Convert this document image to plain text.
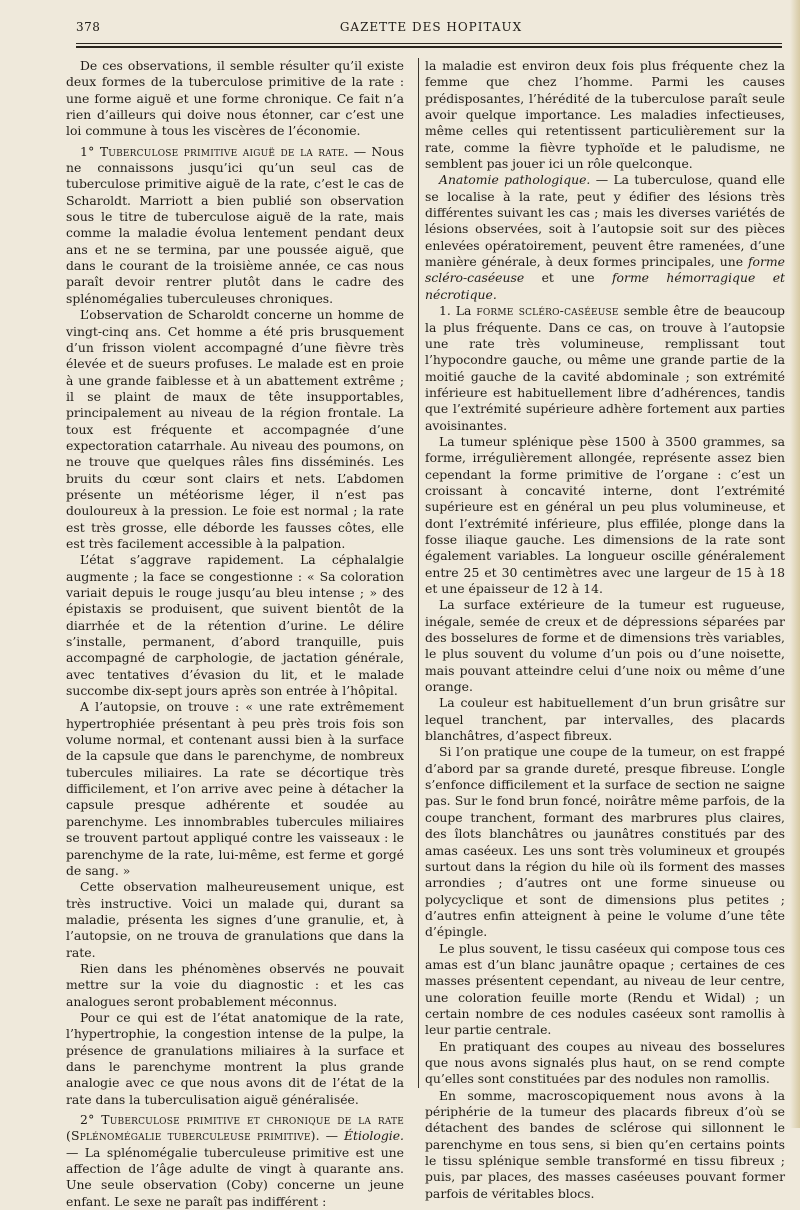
378	GAZETTE DES HOPITAUX

De ces observations, il semble résulter qu’il existe deux formes de la tuberculose primitive de la rate : une forme aiguë et une forme chronique. Ce fait n’a rien d’ailleurs qui doive nous étonner, car c’est une loi commune à tous les viscères de l’économie.

1° Tuberculose primitive aiguë de la rate. — Nous ne connaissons jusqu’ici qu’un seul cas de tuberculose primitive aiguë de la rate, c’est le cas de Scharoldt. Marriott a bien publié son observation sous le titre de tuberculose aiguë de la rate, mais comme la maladie évolua lentement pendant deux ans et ne se termina, par une poussée aiguë, que dans le courant de la troisième année, ce cas nous paraît devoir rentrer plutôt dans le cadre des splénomégalies tuberculeuses chroniques.

L’observation de Scharoldt concerne un homme de vingt-cinq ans. Cet homme a été pris brusquement d’un frisson violent accompagné d’une fièvre très élevée et de sueurs profuses. Le malade est en proie à une grande faiblesse et à un abattement extrême ; il se plaint de maux de tête insupportables, principalement au niveau de la région frontale. La toux est fréquente et accompagnée d’une expectoration catarrhale. Au niveau des poumons, on ne trouve que quelques râles fins disséminés. Les bruits du cœur sont clairs et nets. L’abdomen présente un météorisme léger, il n’est pas douloureux à la pression. Le foie est normal ; la rate est très grosse, elle déborde les fausses côtes, elle est très facilement accessible à la palpation.

L’état s’aggrave rapidement. La céphalalgie augmente ; la face se congestionne : « Sa coloration variait depuis le rouge jusqu’au bleu intense ; » des épistaxis se produisent, que suivent bientôt de la diarrhée et de la rétention d’urine. Le délire s’installe, permanent, d’abord tranquille, puis accompagné de carphologie, de jactation générale, avec tentatives d’évasion du lit, et le malade succombe dix-sept jours après son entrée à l’hôpital.

A l’autopsie, on trouve : « une rate extrêmement hypertrophiée présentant à peu près trois fois son volume normal, et contenant aussi bien à la surface de la capsule que dans le parenchyme, de nombreux tubercules miliaires. La rate se décortique très difficilement, et l’on arrive avec peine à détacher la capsule presque adhérente et soudée au parenchyme. Les innombrables tubercules miliaires se trouvent partout appliqué contre les vaisseaux : le parenchyme de la rate, lui-même, est ferme et gorgé de sang. »

Cette observation malheureusement unique, est très instructive. Voici un malade qui, durant sa maladie, présenta les signes d’une granulie, et, à l’autopsie, on ne trouva de granulations que dans la rate.

Rien dans les phénomènes observés ne pouvait mettre sur la voie du diagnostic : et les cas analogues seront probablement méconnus.

Pour ce qui est de l’état anatomique de la rate, l’hypertrophie, la congestion intense de la pulpe, la présence de granulations miliaires à la surface et dans le parenchyme montrent la plus grande analogie avec ce que nous avons dit de l’état de la rate dans la tuberculisation aiguë généralisée.

2° Tuberculose primitive et chronique de la rate (Splénomégalie tuberculeuse primitive). — Étiologie. — La splénomégalie tuberculeuse primitive est une affection de l’âge adulte de vingt à quarante ans. Une seule observation (Coby) concerne un jeune enfant. Le sexe ne paraît pas indifférent :

la maladie est environ deux fois plus fréquente chez la femme que chez l’homme. Parmi les causes prédisposantes, l’hérédité de la tuberculose paraît seule avoir quelque importance. Les maladies infectieuses, même celles qui retentissent particulièrement sur la rate, comme la fièvre typhoïde et le paludisme, ne semblent pas jouer ici un rôle quelconque.

Anatomie pathologique. — La tuberculose, quand elle se localise à la rate, peut y édifier des lésions très différentes suivant les cas ; mais les diverses variétés de lésions observées, soit à l’autopsie soit sur des pièces enlevées opératoirement, peuvent être ramenées, d’une manière générale, à deux formes principales, une forme scléro-caséeuse et une forme hémorragique et nécrotique.

1. La forme scléro-caséeuse semble être de beaucoup la plus fréquente. Dans ce cas, on trouve à l’autopsie une rate très volumineuse, remplissant tout l’hypocondre gauche, ou même une grande partie de la moitié gauche de la cavité abdominale ; son extrémité inférieure est habituellement libre d’adhérences, tandis que l’extrémité supérieure adhère fortement aux parties avoisinantes.

La tumeur splénique pèse 1500 à 3500 grammes, sa forme, irrégulièrement allongée, représente assez bien cependant la forme primitive de l’organe : c’est un croissant à concavité interne, dont l’extrémité supérieure est en général un peu plus volumineuse, et dont l’extrémité inférieure, plus effilée, plonge dans la fosse iliaque gauche. Les dimensions de la rate sont également variables. La longueur oscille généralement entre 25 et 30 centimètres avec une largeur de 15 à 18 et une épaisseur de 12 à 14.

La surface extérieure de la tumeur est rugueuse, inégale, semée de creux et de dépressions séparées par des bosselures de forme et de dimensions très variables, le plus souvent du volume d’un pois ou d’une noisette, mais pouvant atteindre celui d’une noix ou même d’une orange.

La couleur est habituellement d’un brun grisâtre sur lequel tranchent, par intervalles, des placards blanchâtres, d’aspect fibreux.

Si l’on pratique une coupe de la tumeur, on est frappé d’abord par sa grande dureté, presque fibreuse. L’ongle s’enfonce difficilement et la surface de section ne saigne pas. Sur le fond brun foncé, noirâtre même parfois, de la coupe tranchent, formant des marbrures plus claires, des îlots blanchâtres ou jaunâtres constitués par des amas caséeux. Les uns sont très volumineux et groupés surtout dans la région du hile où ils forment des masses arrondies ; d’autres ont une forme sinueuse ou polycyclique et sont de dimensions plus petites ; d’autres enfin atteignent à peine le volume d’une tête d’épingle.

Le plus souvent, le tissu caséeux qui compose tous ces amas est d’un blanc jaunâtre opaque ; certaines de ces masses présentent cependant, au niveau de leur centre, une coloration feuille morte (Rendu et Widal) ; un certain nombre de ces nodules caséeux sont ramollis à leur partie centrale.

En pratiquant des coupes au niveau des bosselures que nous avons signalés plus haut, on se rend compte qu’elles sont constituées par des nodules non ramollis.

En somme, macroscopiquement nous avons à la périphérie de la tumeur des placards fibreux d’où se détachent des bandes de sclérose qui sillonnent le parenchyme en tous sens, si bien qu’en certains points le tissu splénique semble transformé en tissu fibreux ; puis, par places, des masses caséeuses pouvant former parfois de véritables blocs.
